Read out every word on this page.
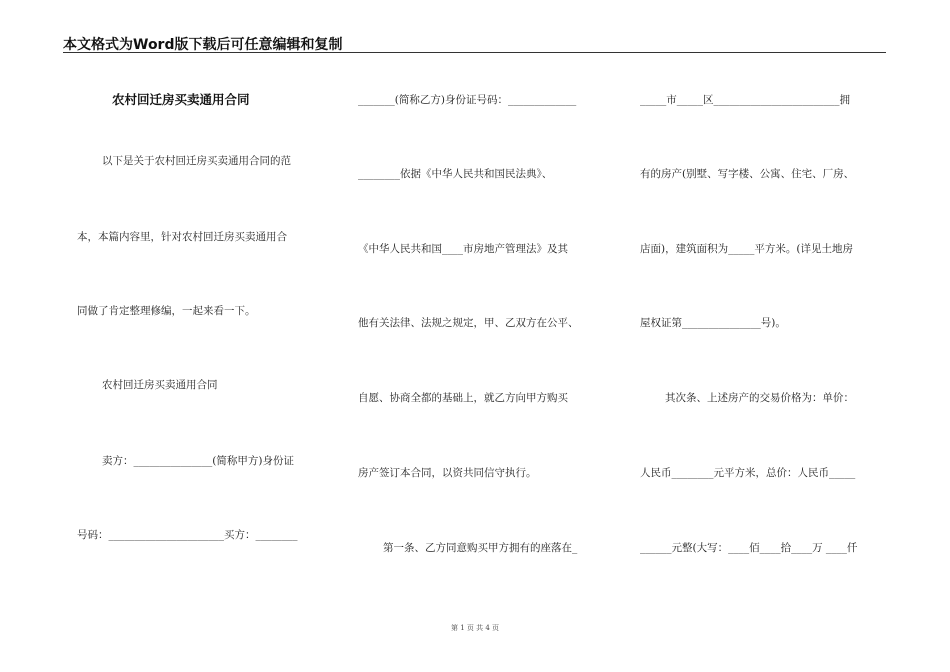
本文格式为Word版下载后可任意编辑和复制
农村回迁房买卖通用合同
以下是关于农村回迁房买卖通用合同的范
本，本篇内容里，针对农村回迁房买卖通用合
同做了肯定整理修编，一起来看一下。
农村回迁房买卖通用合同
卖方：_______________(简称甲方)身份证
号码：______________________买方：________
_______(简称乙方)身份证号码：_____________
________依据《中华人民共和国民法典》、
《中华人民共和国____市房地产管理法》及其
他有关法律、法规之规定，甲、乙双方在公平、
自愿、协商全都的基础上，就乙方向甲方购买
房产签订本合同，以资共同信守执行。
第一条、乙方同意购买甲方拥有的座落在_
_____市_____区________________________拥
有的房产(别墅、写字楼、公寓、住宅、厂房、
店面)，建筑面积为_____平方米。(详见土地房
屋权证第_______________号)。
其次条、上述房产的交易价格为：单价：
人民币________元平方米，总价：人民币_____
______元整(大写：____佰____拾____万 ____仟
第 1 页 共 4 页
